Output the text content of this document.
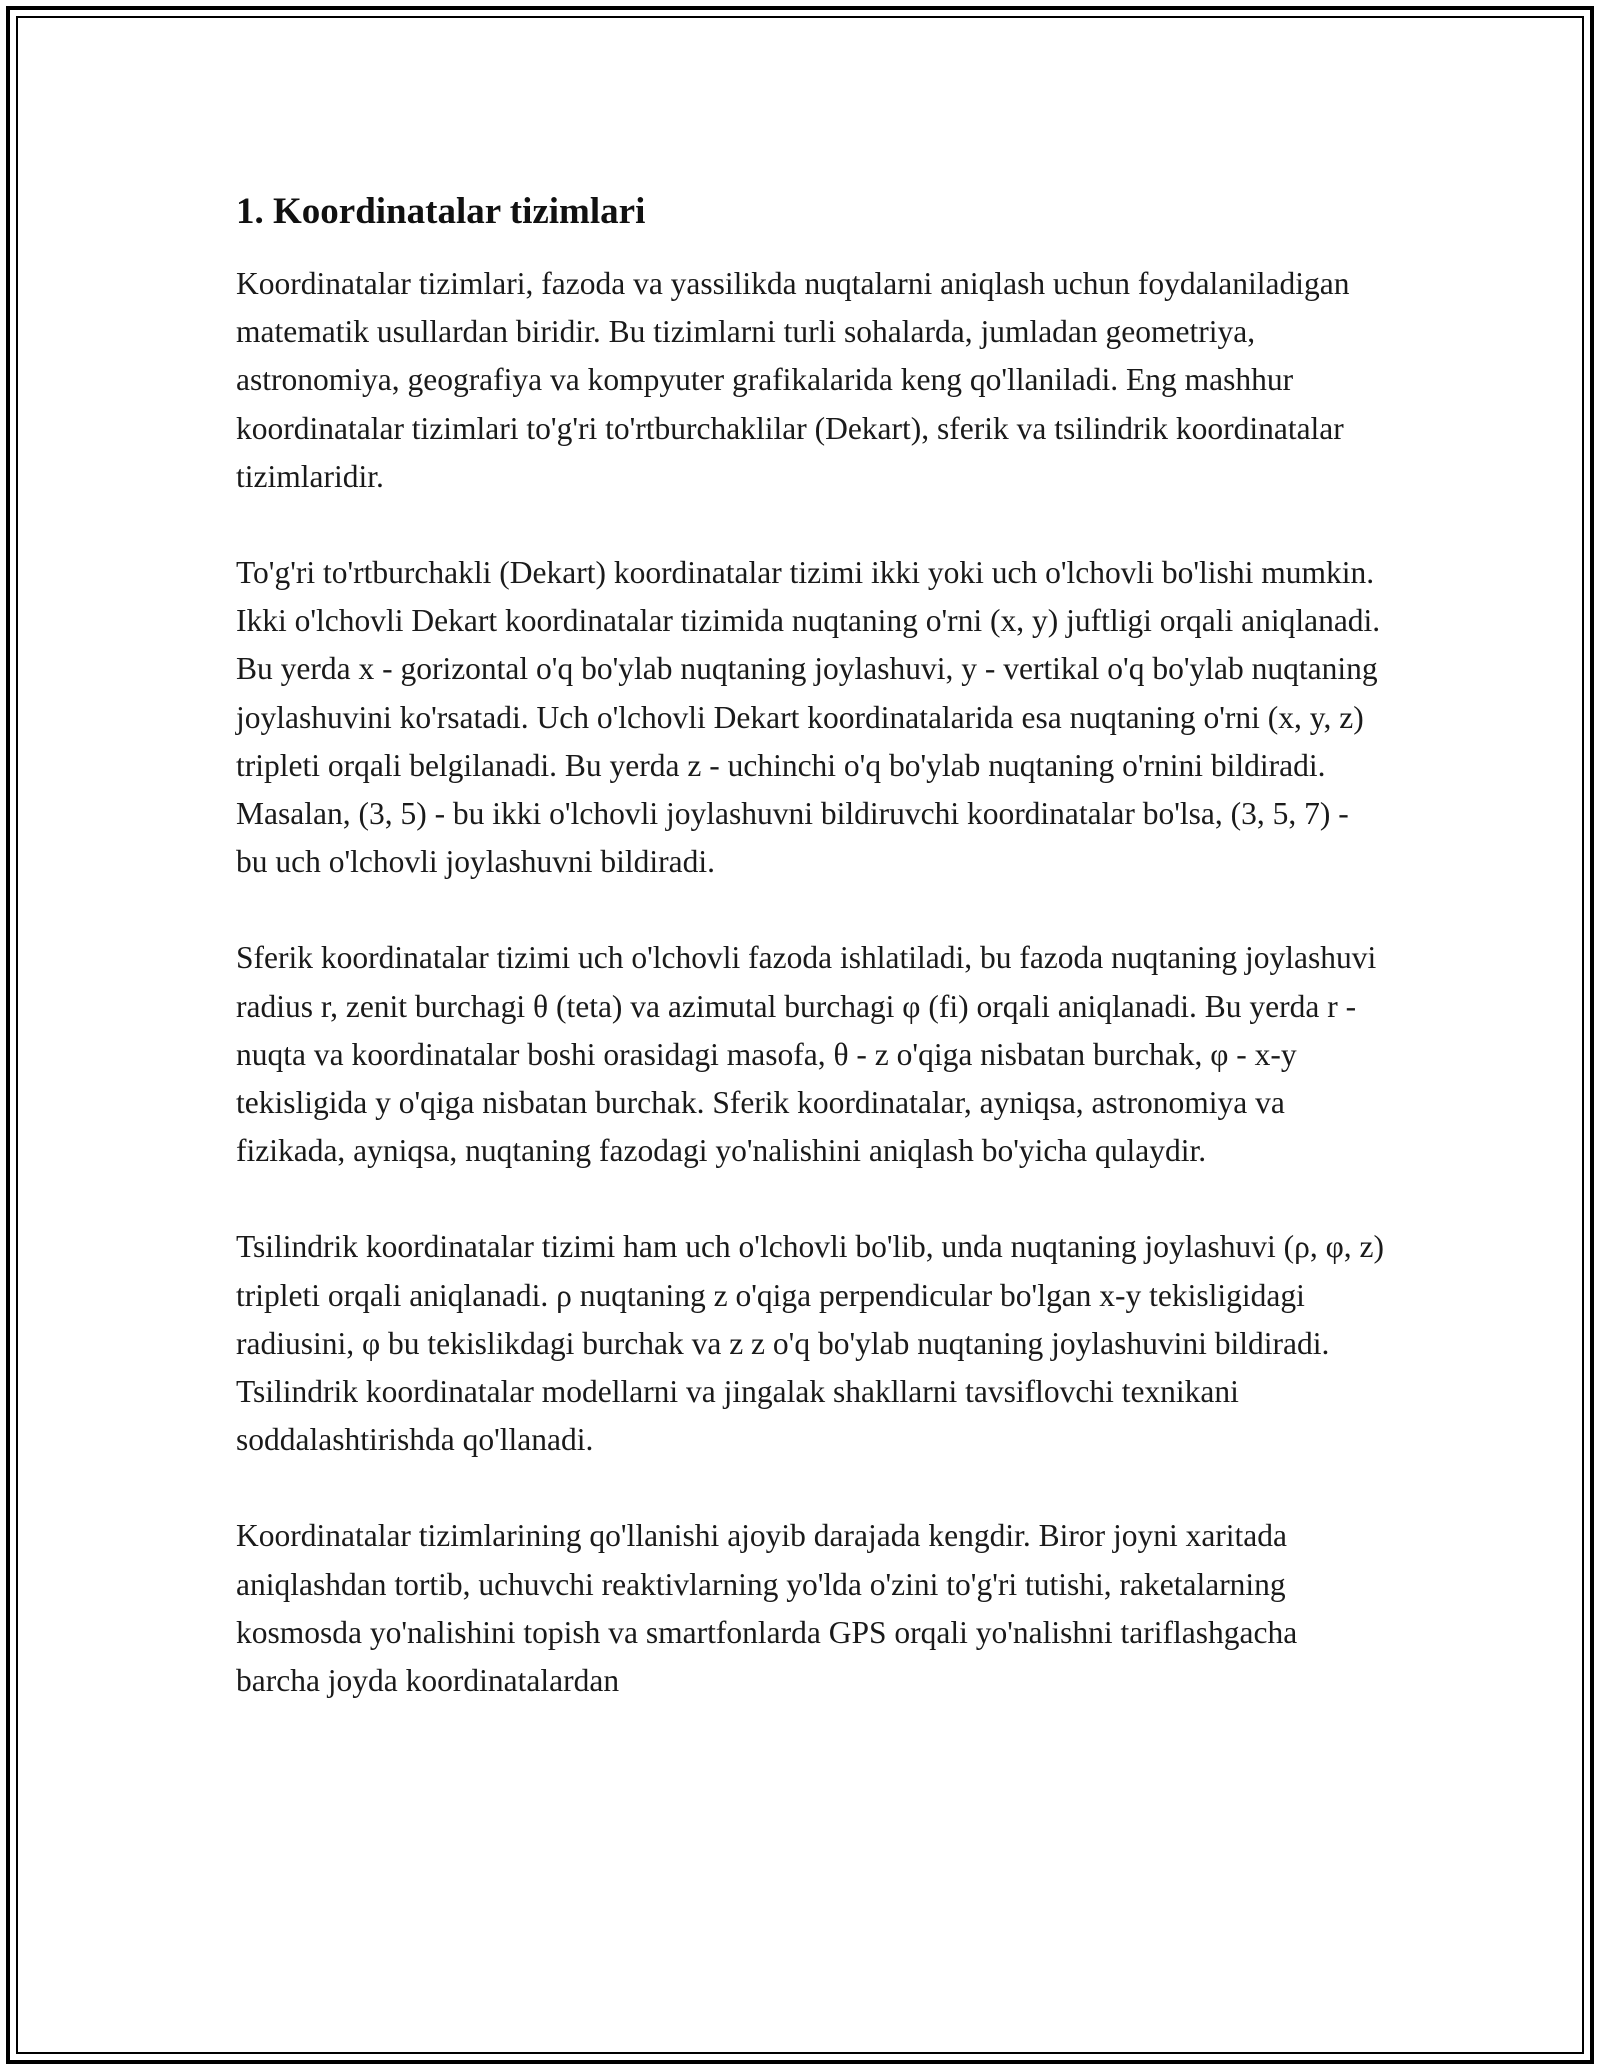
1. Koordinatalar tizimlari

Koordinatalar tizimlari, fazoda va yassilikda nuqtalarni aniqlash uchun foydalaniladigan matematik usullardan biridir. Bu tizimlarni turli sohalarda, jumladan geometriya, astronomiya, geografiya va kompyuter grafikalarida keng qo'llaniladi. Eng mashhur koordinatalar tizimlari to'g'ri to'rtburchaklilar (Dekart), sferik va tsilindrik koordinatalar tizimlaridir.

To'g'ri to'rtburchakli (Dekart) koordinatalar tizimi ikki yoki uch o'lchovli bo'lishi mumkin. Ikki o'lchovli Dekart koordinatalar tizimida nuqtaning o'rni (x, y) juftligi orqali aniqlanadi. Bu yerda x - gorizontal o'q bo'ylab nuqtaning joylashuvi, y - vertikal o'q bo'ylab nuqtaning joylashuvini ko'rsatadi. Uch o'lchovli Dekart koordinatalarida esa nuqtaning o'rni (x, y, z) tripleti orqali belgilanadi. Bu yerda z - uchinchi o'q bo'ylab nuqtaning o'rnini bildiradi. Masalan, (3, 5) - bu ikki o'lchovli joylashuvni bildiruvchi koordinatalar bo'lsa, (3, 5, 7) - bu uch o'lchovli joylashuvni bildiradi.

Sferik koordinatalar tizimi uch o'lchovli fazoda ishlatiladi, bu fazoda nuqtaning joylashuvi radius r, zenit burchagi θ (teta) va azimutal burchagi φ (fi) orqali aniqlanadi. Bu yerda r - nuqta va koordinatalar boshi orasidagi masofa, θ - z o'qiga nisbatan burchak, φ - x-y tekisligida y o'qiga nisbatan burchak. Sferik koordinatalar, ayniqsa, astronomiya va fizikada, ayniqsa, nuqtaning fazodagi yo'nalishini aniqlash bo'yicha qulaydir.

Tsilindrik koordinatalar tizimi ham uch o'lchovli bo'lib, unda nuqtaning joylashuvi (ρ, φ, z) tripleti orqali aniqlanadi. ρ nuqtaning z o'qiga perpendicular bo'lgan x-y tekisligidagi radiusini, φ bu tekislikdagi burchak va z z o'q bo'ylab nuqtaning joylashuvini bildiradi. Tsilindrik koordinatalar modellarni va jingalak shakllarni tavsiflovchi texnikani soddalashtirishda qo'llanadi.

Koordinatalar tizimlarining qo'llanishi ajoyib darajada kengdir. Biror joyni xaritada aniqlashdan tortib, uchuvchi reaktivlarning yo'lda o'zini to'g'ri tutishi, raketalarning kosmosda yo'nalishini topish va smartfonlarda GPS orqali yo'nalishni tariflashgacha barcha joyda koordinatalardan
